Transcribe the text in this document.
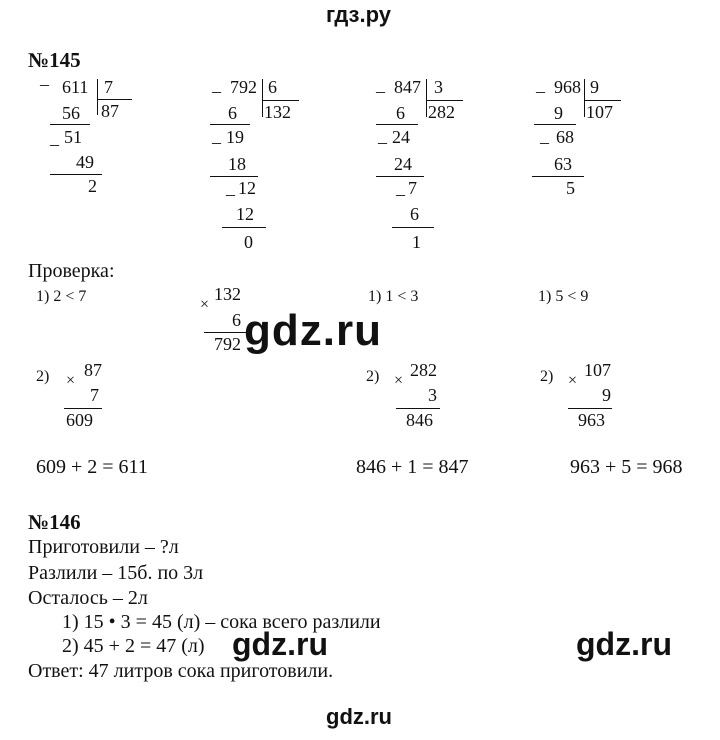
гдз.ру
№145
– 611 7
87
56
51
–
49
2
– 792 6
132
6
19
–
18
12
–
12
0
– 847 3
282
6
24
–
24
7
–
6
1
– 968 9
107
9
68
–
63
5
Проверка:
1) 2 < 7	1) 1 < 3	1) 5 < 9
×
132
6
792
2) ×
87
7
609
2) ×
282
3
846
2) ×
107
9
963
609 + 2 = 611	846 + 1 = 847	963 + 5 = 968
№146
Приготовили – ?л
Разлили – 15б. по 3л
Осталось – 2л
1) 15 • 3 = 45 (л) – сока всего разлили
2) 45 + 2 = 47 (л)
Ответ: 47 литров сока приготовили.
gdz.ru
gdz.ru	gdz.ru
gdz.ru
